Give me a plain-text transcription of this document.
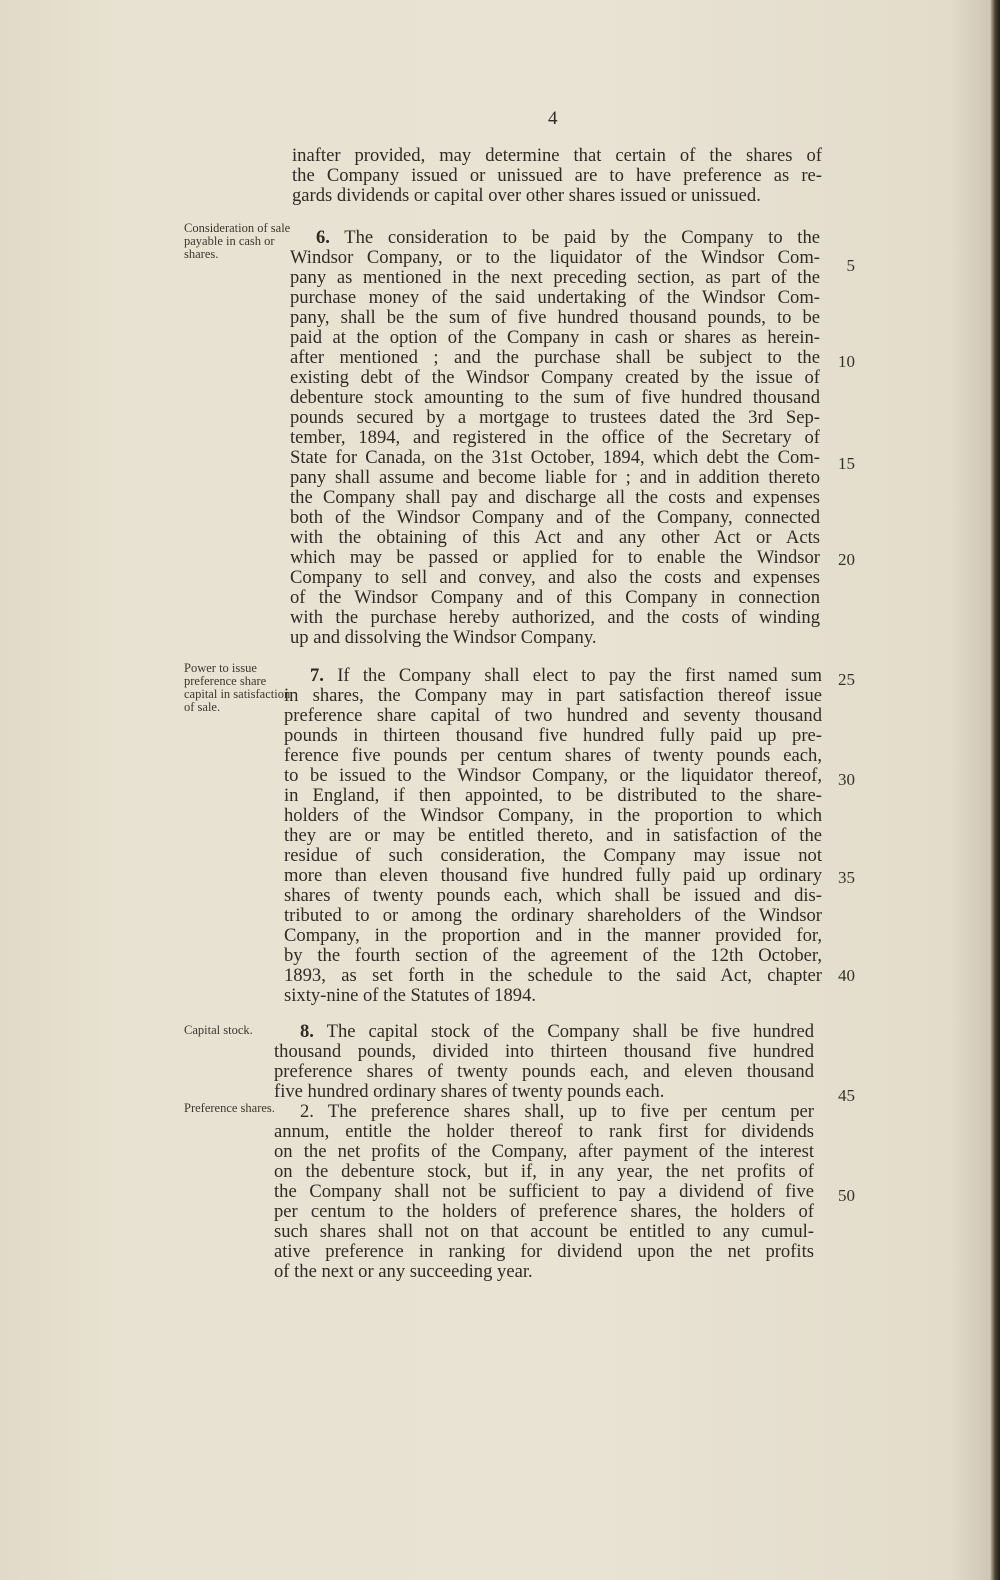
4
Consideration of sale payable in cash or shares.
Power to issue preference share capital in satisfaction of sale.
Capital stock.
Preference shares.
5
10
15
20
25
30
35
40
45
50
inafter provided, may determine that certain of the shares of
the Company issued or unissued are to have preference as re-
gards dividends or capital over other shares issued or unissued.
6. The consideration to be paid by the Company to the
Windsor Company, or to the liquidator of the Windsor Com-
pany as mentioned in the next preceding section, as part of the
purchase money of the said undertaking of the Windsor Com-
pany, shall be the sum of five hundred thousand pounds, to be
paid at the option of the Company in cash or shares as herein-
after mentioned ; and the purchase shall be subject to the
existing debt of the Windsor Company created by the issue of
debenture stock amounting to the sum of five hundred thousand
pounds secured by a mortgage to trustees dated the 3rd Sep-
tember, 1894, and registered in the office of the Secretary of
State for Canada, on the 31st October, 1894, which debt the Com-
pany shall assume and become liable for ; and in addition thereto
the Company shall pay and discharge all the costs and expenses
both of the Windsor Company and of the Company, connected
with the obtaining of this Act and any other Act or Acts
which may be passed or applied for to enable the Windsor
Company to sell and convey, and also the costs and expenses
of the Windsor Company and of this Company in connection
with the purchase hereby authorized, and the costs of winding
up and dissolving the Windsor Company.
7. If the Company shall elect to pay the first named sum
in shares, the Company may in part satisfaction thereof issue
preference share capital of two hundred and seventy thousand
pounds in thirteen thousand five hundred fully paid up pre-
ference five pounds per centum shares of twenty pounds each,
to be issued to the Windsor Company, or the liquidator thereof,
in England, if then appointed, to be distributed to the share-
holders of the Windsor Company, in the proportion to which
they are or may be entitled thereto, and in satisfaction of the
residue of such consideration, the Company may issue not
more than eleven thousand five hundred fully paid up ordinary
shares of twenty pounds each, which shall be issued and dis-
tributed to or among the ordinary shareholders of the Windsor
Company, in the proportion and in the manner provided for,
by the fourth section of the agreement of the 12th October,
1893, as set forth in the schedule to the said Act, chapter
sixty-nine of the Statutes of 1894.
8. The capital stock of the Company shall be five hundred
thousand pounds, divided into thirteen thousand five hundred
preference shares of twenty pounds each, and eleven thousand
five hundred ordinary shares of twenty pounds each.
2. The preference shares shall, up to five per centum per
annum, entitle the holder thereof to rank first for dividends
on the net profits of the Company, after payment of the interest
on the debenture stock, but if, in any year, the net profits of
the Company shall not be sufficient to pay a dividend of five
per centum to the holders of preference shares, the holders of
such shares shall not on that account be entitled to any cumul-
ative preference in ranking for dividend upon the net profits
of the next or any succeeding year.
